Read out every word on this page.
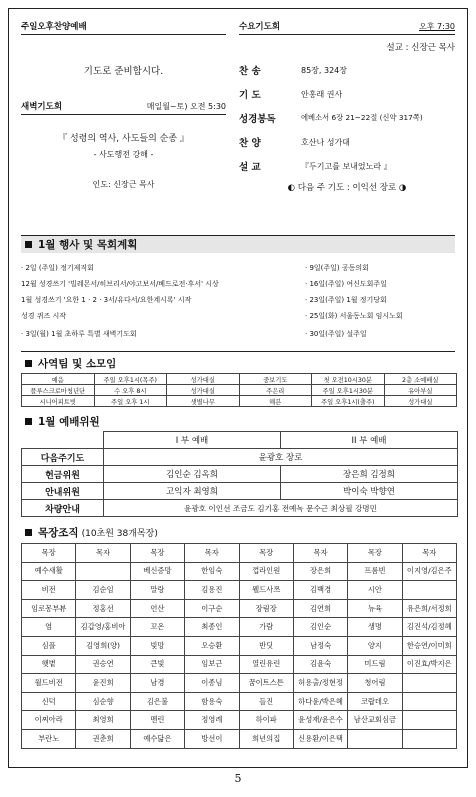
주일오후찬양예배
기도로 준비합시다.
새벽기도회	매일월~토) 오전 5:30
『 성령의 역사, 사도들의 순종 』
- 사도행전 강해 -
인도: 신장근 목사
수요기도회	오후 7:30
설교 : 신장근 목사
찬 송	85장, 324장
기 도	안홍래 권사
성경봉독	에베소서 6장 21~22절 (신약 317쪽)
찬 양	호산나 성가대
설 교	『두기고를 보내었노라 』
◐ 다음 주 기도 : 이익선 장로 ◑
1월 행사 및 목회계획
· 2일 (주일) 정기제직회
12월 성경쓰기 '빌레몬서/히브리서/야고보서/베드로전·후서' 시상
1월 성경쓰기 '요한 1 · 2 · 3서/유다서/요한계시록' 시작
성경 퀴즈 시작
· 3일(월) 1월 초하루 특별 새벽기도회
· 9일(주일) 공동의회
· 16일(주일) 여신도회주일
· 23일(주일) 1월 정기당회
· 25일(화) 서울동노회 임시노회
· 30일(주일) 설주일
사역팀 및 소모임
예음	주일 오후1시(목주)	성가대실	중보기도	첫 오전10시30분	2층 소예배실
플루스크로마청년단	수 오후 8시	성가대실	주은리	주일 오후1시30분	유아부실
시니어피트빗	주일 오후 1시	샛별나무	해븐	주일 오후1시(출주)	성가대실
1월 예배위원
	I 부 예배	II 부 예배
다음주기도	윤광호 장로	
헌금위원	김인순 김옥희	장은희 김정희
안내위원	고익자 최영희	박이숙 박향연
차량안내	윤광호 이인선 조금도 김기홍 전예녹 문수근 최상필 강명민	
목장조직 (10초원 38개목장)
목장	목자	목장	목자	목장	목자	목장	목자
예수새활		베신증망	한임숙	껍라인원	장은희	프롬빈	이지영/김은주
비전	김순임	말랑	김용진	웰드사쯔	김백경	시안	
임로몽부뷰	정홍선	언산	이구순	장림장	김연희	뉴육	유은희/서정희
염	김갑영/홍비아	꼬온	최종인	가람	김인순	생명	김진석/김정혜
심플	김영희(양)	빛망	오승환	반딧	남정숙	양지	한승연/이미희
햇볕	권승연	큰빛	임보근	열린유린	김윤숙	미드림	이진효/박지은
월드비전	윤진희	남경	이종님	꿈이트스튼	허용출/정현정	청어림	
신덕	심순향	김은불	함용숙	들진	하다윤/박은혜	코랍데오	
이찌아라	최영희	멘린	정영례	하이파	윤성재/윤은수	남산교회심금	
부란노	권춘희	예수닮은	방선이	희년의집	신용환/이은택		
5
